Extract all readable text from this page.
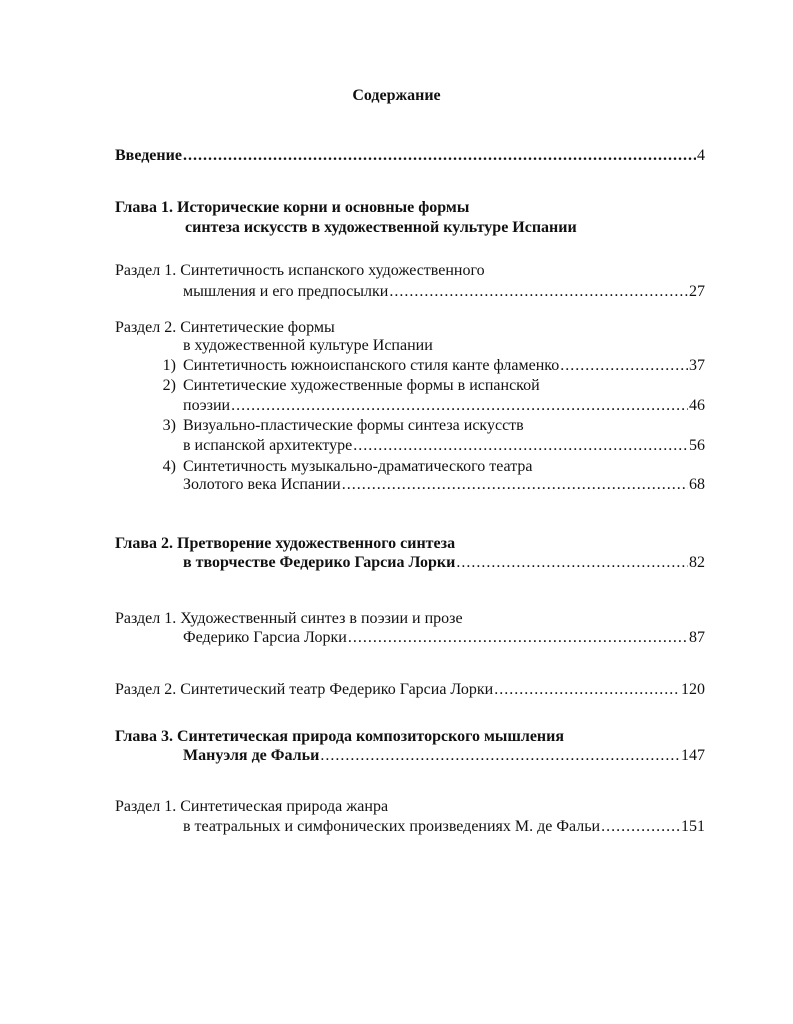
Содержание
Введение .....	4
Глава 1. Исторические корни и основные формы
синтеза искусств в художественной культуре Испании
Раздел 1. Синтетичность испанского художественного
мышления и его предпосылки .....	27
Раздел 2. Синтетические формы
в художественной культуре Испании
1) Синтетичность южноиспанского стиля канте фламенко .....	37
2) Синтетические художественные формы в испанской
поэзии .....	46
3) Визуально-пластические формы синтеза искусств
в испанской архитектуре .....	56
4) Синтетичность музыкально-драматического театра
Золотого века Испании .....	68
Глава 2. Претворение художественного синтеза
в творчестве Федерико Гарсиа Лорки .....	82
Раздел 1. Художественный синтез в поэзии и прозе
Федерико Гарсиа Лорки .....	87
Раздел 2. Синтетический театр Федерико Гарсиа Лорки .....	120
Глава 3. Синтетическая природа композиторского мышления
Мануэля де Фальи .....	147
Раздел 1. Синтетическая природа жанра
в театральных и симфонических произведениях М. де Фальи .....	151
